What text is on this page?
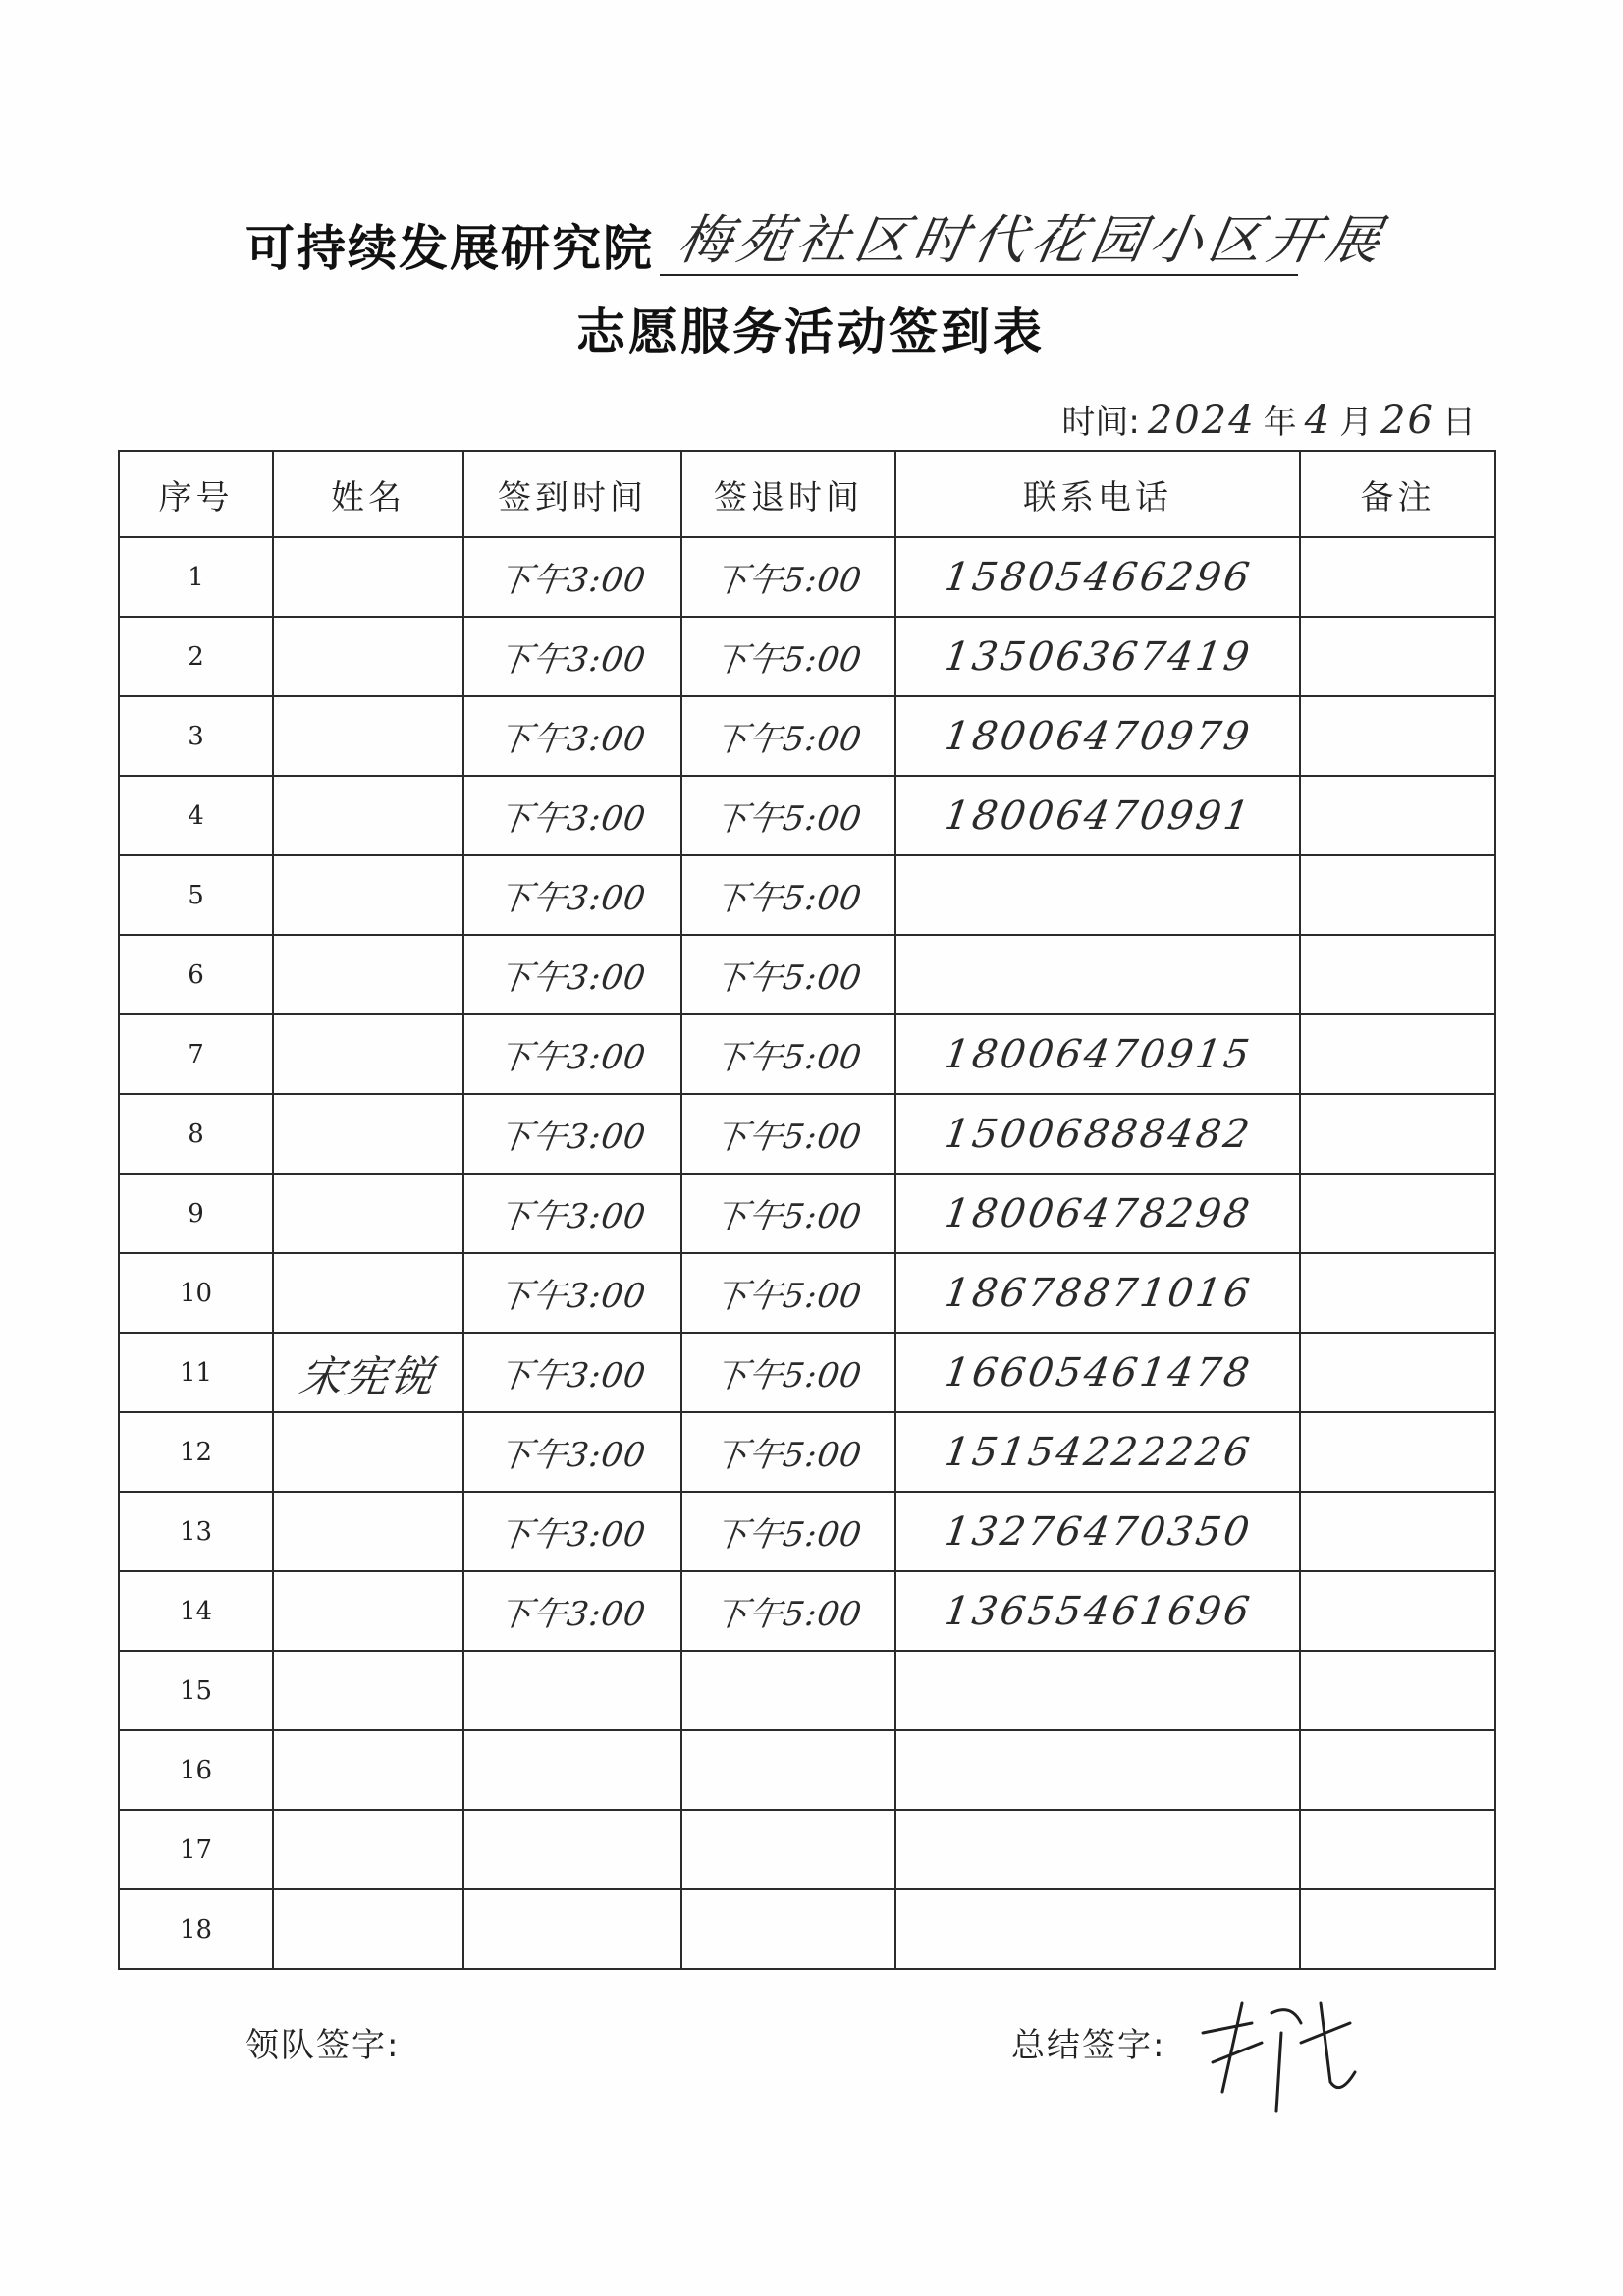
可持续发展研究院 梅苑社区时代花园小区开展
志愿服务活动签到表
时间: 2024 年 4 月 26 日
序号	姓名	签到时间	签退时间	联系电话	备注
1		下午3:00	下午5:00	15805466296	
2		下午3:00	下午5:00	13506367419	
3		下午3:00	下午5:00	18006470979	
4		下午3:00	下午5:00	18006470991	
5		下午3:00	下午5:00		
6		下午3:00	下午5:00		
7		下午3:00	下午5:00	18006470915	
8		下午3:00	下午5:00	15006888482	
9		下午3:00	下午5:00	18006478298	
10		下午3:00	下午5:00	18678871016	
11	宋宪锐	下午3:00	下午5:00	16605461478	
12		下午3:00	下午5:00	15154222226	
13		下午3:00	下午5:00	13276470350	
14		下午3:00	下午5:00	13655461696	
15					
16					
17					
18					
领队签字:	总结签字:
